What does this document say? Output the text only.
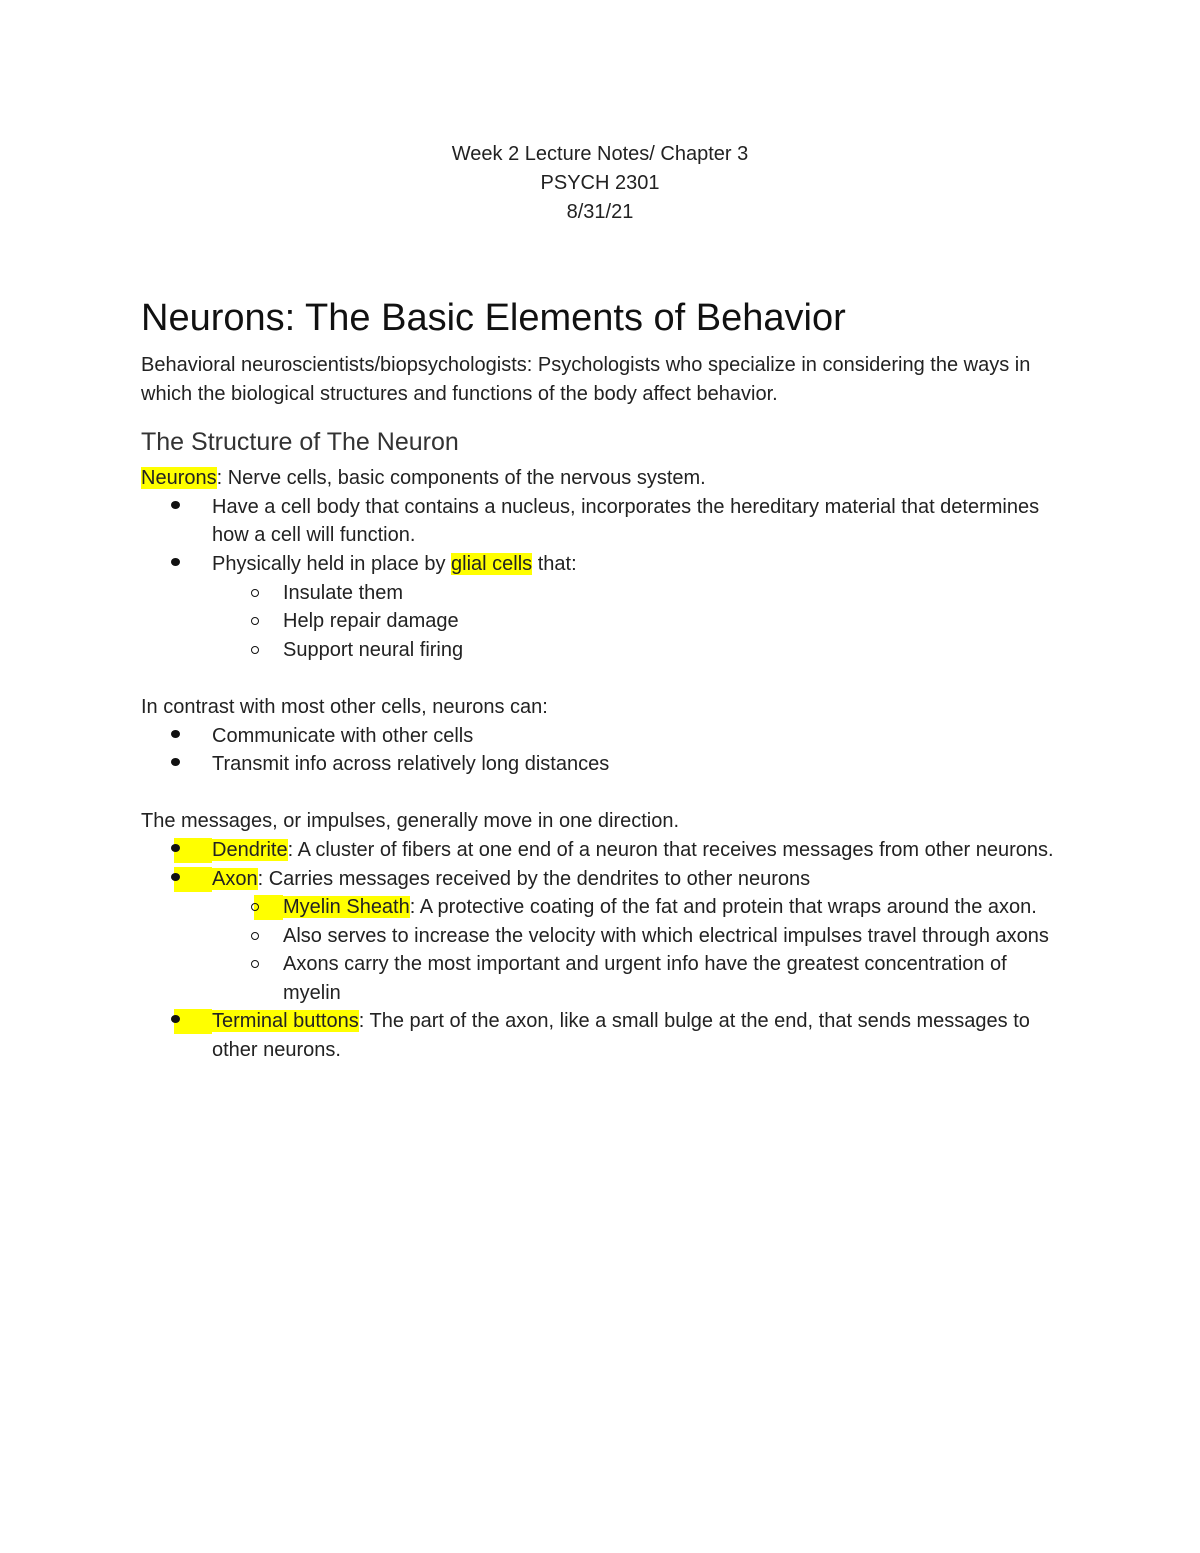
Week 2 Lecture Notes/ Chapter 3
PSYCH 2301
8/31/21
Neurons: The Basic Elements of Behavior

Behavioral neuroscientists/biopsychologists: Psychologists who specialize in considering the ways in which the biological structures and functions of the body affect behavior.

The Structure of The Neuron

Neurons: Nerve cells, basic components of the nervous system.

Have a cell body that contains a nucleus, incorporates the hereditary material that determines how a cell will function.
Physically held in place by glial cells that:
Insulate them
Help repair damage
Support neural firing

In contrast with most other cells, neurons can:

Communicate with other cells
Transmit info across relatively long distances

The messages, or impulses, generally move in one direction.

Dendrite: A cluster of fibers at one end of a neuron that receives messages from other neurons.
Axon: Carries messages received by the dendrites to other neurons
Myelin Sheath: A protective coating of the fat and protein that wraps around the axon.
Also serves to increase the velocity with which electrical impulses travel through axons
Axons carry the most important and urgent info have the greatest concentration of myelin
Terminal buttons: The part of the axon, like a small bulge at the end, that sends messages to other neurons.
